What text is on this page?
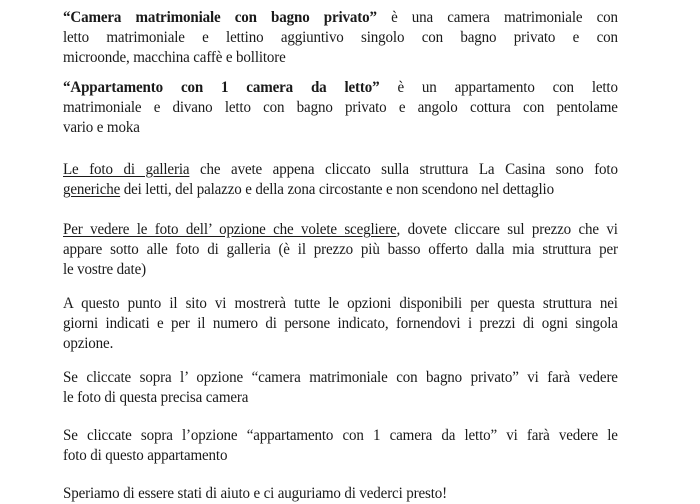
“Camera matrimoniale con bagno privato” è una camera matrimoniale con
letto matrimoniale e lettino aggiuntivo singolo con bagno privato e con
microonde, macchina caffè e bollitore
“Appartamento con 1 camera da letto” è un appartamento con letto
matrimoniale e divano letto con bagno privato e angolo cottura con pentolame
vario e moka
Le foto di galleria che avete appena cliccato sulla struttura La Casina sono foto
generiche dei letti, del palazzo e della zona circostante e non scendono nel dettaglio
Per vedere le foto dell’ opzione che volete scegliere, dovete cliccare sul prezzo che vi
appare sotto alle foto di galleria (è il prezzo più basso offerto dalla mia struttura per
le vostre date)
A questo punto il sito vi mostrerà tutte le opzioni disponibili per questa struttura nei
giorni indicati e per il numero di persone indicato, fornendovi i prezzi di ogni singola
opzione.
Se cliccate sopra l’ opzione “camera matrimoniale con bagno privato” vi farà vedere
le foto di questa precisa camera
Se cliccate sopra l’opzione “appartamento con 1 camera da letto” vi farà vedere le
foto di questo appartamento
Speriamo di essere stati di aiuto e ci auguriamo di vederci presto!
